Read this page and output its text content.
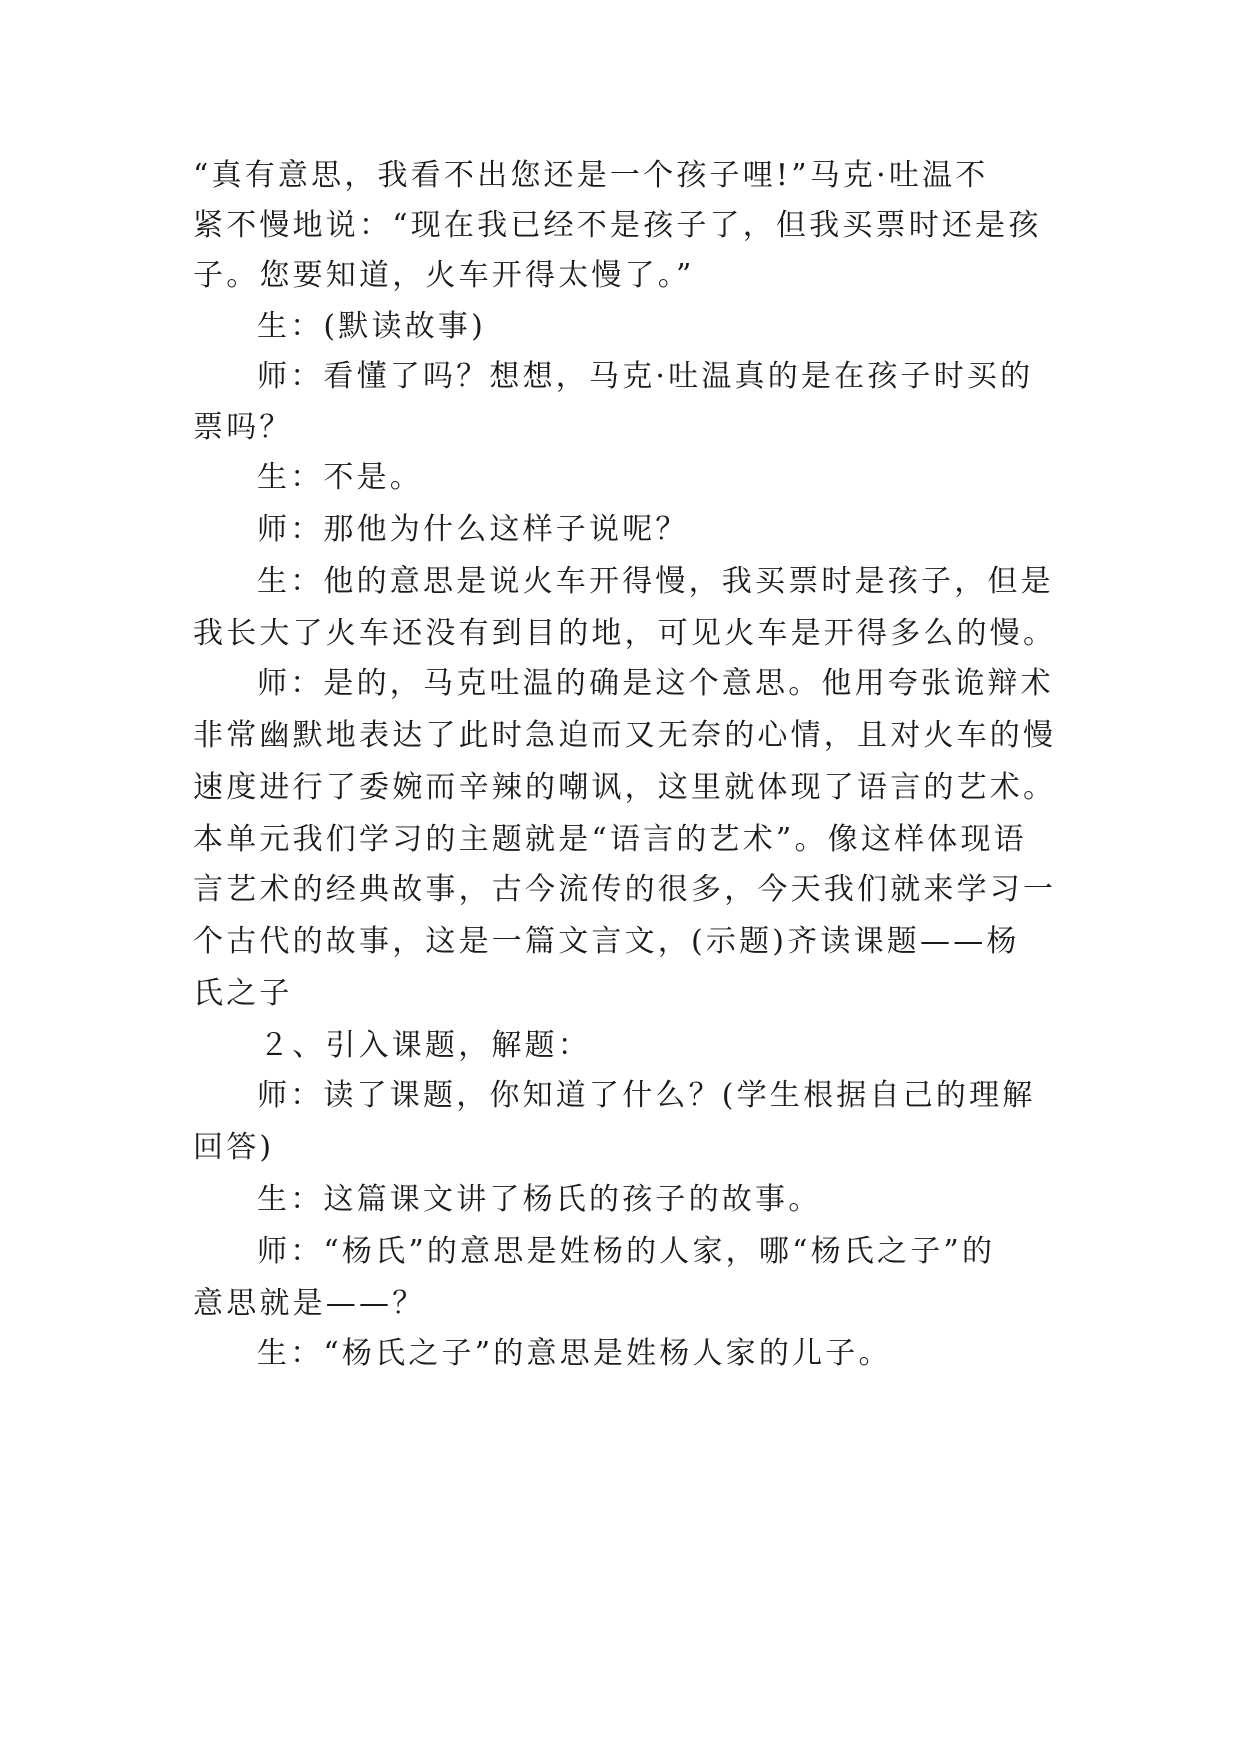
“真有意思，我看不出您还是一个孩子哩!”马克·吐温不
紧不慢地说：“现在我已经不是孩子了，但我买票时还是孩
子。您要知道，火车开得太慢了。”
生：(默读故事)
师：看懂了吗？想想，马克·吐温真的是在孩子时买的
票吗？
生：不是。
师：那他为什么这样子说呢？
生：他的意思是说火车开得慢，我买票时是孩子，但是
我长大了火车还没有到目的地，可见火车是开得多么的慢。
师：是的，马克吐温的确是这个意思。他用夸张诡辩术
非常幽默地表达了此时急迫而又无奈的心情，且对火车的慢
速度进行了委婉而辛辣的嘲讽，这里就体现了语言的艺术。
本单元我们学习的主题就是“语言的艺术”。像这样体现语
言艺术的经典故事，古今流传的很多，今天我们就来学习一
个古代的故事，这是一篇文言文，(示题)齐读课题——杨
氏之子
２、引入课题，解题：
师：读了课题，你知道了什么？(学生根据自己的理解
回答)
生：这篇课文讲了杨氏的孩子的故事。
师：“杨氏”的意思是姓杨的人家，哪“杨氏之子”的
意思就是——？
生：“杨氏之子”的意思是姓杨人家的儿子。
